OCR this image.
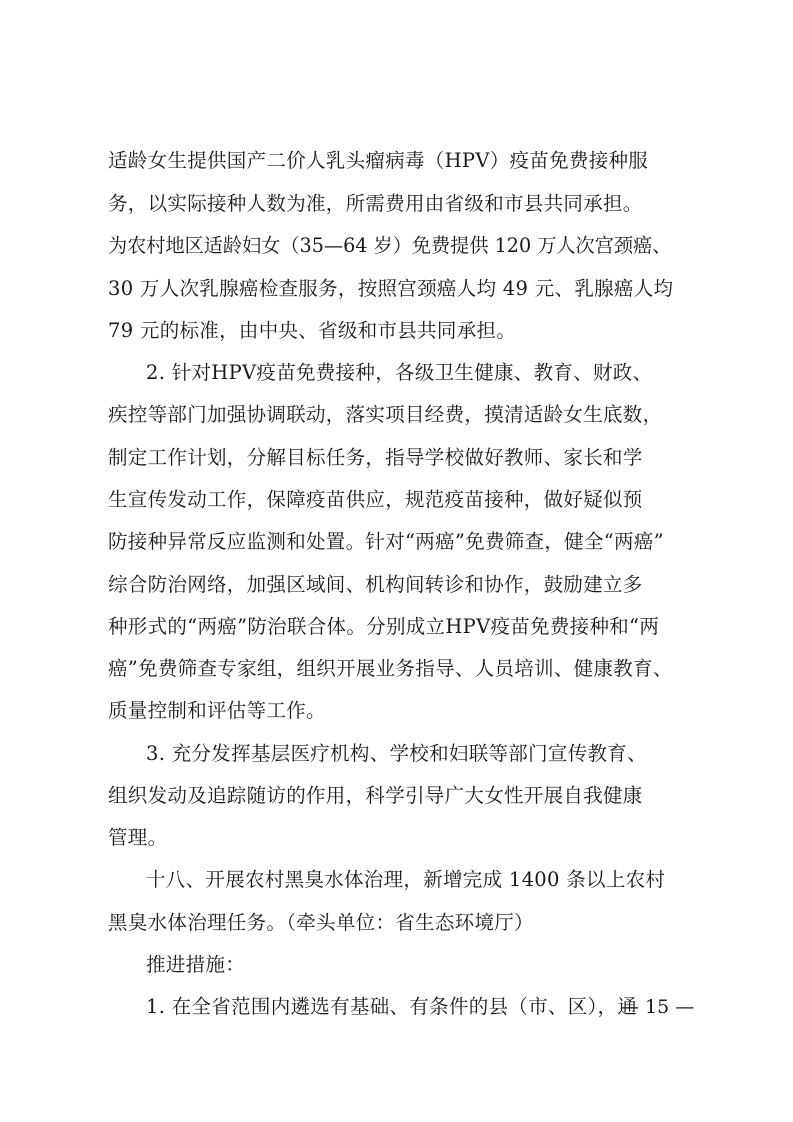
适龄女生提供国产二价人乳头瘤病毒（HPV）疫苗免费接种服
务，以实际接种人数为准，所需费用由省级和市县共同承担。
为农村地区适龄妇女（35—64 岁）免费提供 120 万人次宫颈癌、
30 万人次乳腺癌检查服务，按照宫颈癌人均 49 元、乳腺癌人均
79 元的标准，由中央、省级和市县共同承担。
2. 针对HPV疫苗免费接种，各级卫生健康、教育、财政、
疾控等部门加强协调联动，落实项目经费，摸清适龄女生底数，
制定工作计划，分解目标任务，指导学校做好教师、家长和学
生宣传发动工作，保障疫苗供应，规范疫苗接种，做好疑似预
防接种异常反应监测和处置。针对“两癌”免费筛查，健全“两癌”
综合防治网络，加强区域间、机构间转诊和协作，鼓励建立多
种形式的“两癌”防治联合体。分别成立HPV疫苗免费接种和“两
癌”免费筛查专家组，组织开展业务指导、人员培训、健康教育、
质量控制和评估等工作。
3. 充分发挥基层医疗机构、学校和妇联等部门宣传教育、
组织发动及追踪随访的作用，科学引导广大女性开展自我健康
管理。
十八、开展农村黑臭水体治理，新增完成 1400 条以上农村
黑臭水体治理任务。（牵头单位：省生态环境厅）
推进措施：
1. 在全省范围内遴选有基础、有条件的县（市、区），通
— 15 —
